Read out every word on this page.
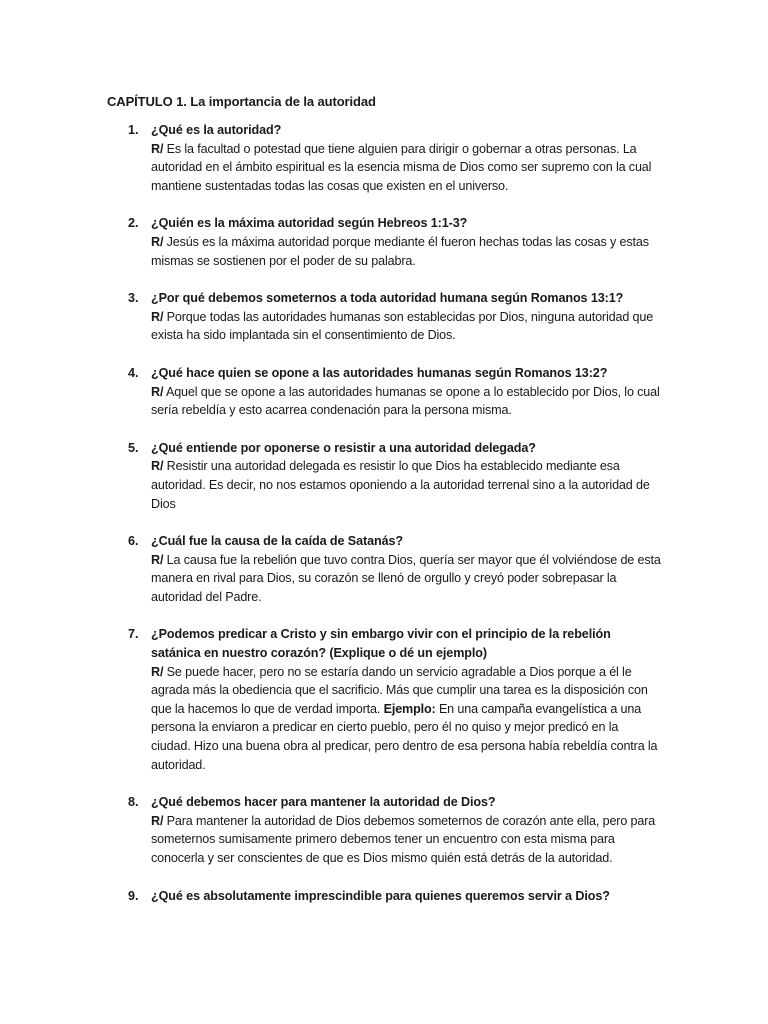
CAPÍTULO 1. La importancia de la autoridad
1. ¿Qué es la autoridad?
R/ Es la facultad o potestad que tiene alguien para dirigir o gobernar a otras personas. La autoridad en el ámbito espiritual es la esencia misma de Dios como ser supremo con la cual mantiene sustentadas todas las cosas que existen en el universo.
2. ¿Quién es la máxima autoridad según Hebreos 1:1-3?
R/ Jesús es la máxima autoridad porque mediante él fueron hechas todas las cosas y estas mismas se sostienen por el poder de su palabra.
3. ¿Por qué debemos someternos a toda autoridad humana según Romanos 13:1?
R/ Porque todas las autoridades humanas son establecidas por Dios, ninguna autoridad que exista ha sido implantada sin el consentimiento de Dios.
4. ¿Qué hace quien se opone a las autoridades humanas según Romanos 13:2?
R/ Aquel que se opone a las autoridades humanas se opone a lo establecido por Dios, lo cual sería rebeldía y esto acarrea condenación para la persona misma.
5. ¿Qué entiende por oponerse o resistir a una autoridad delegada?
R/ Resistir una autoridad delegada es resistir lo que Dios ha establecido mediante esa autoridad. Es decir, no nos estamos oponiendo a la autoridad terrenal sino a la autoridad de Dios
6. ¿Cuál fue la causa de la caída de Satanás?
R/ La causa fue la rebelión que tuvo contra Dios, quería ser mayor que él volviéndose de esta manera en rival para Dios, su corazón se llenó de orgullo y creyó poder sobrepasar la autoridad del Padre.
7. ¿Podemos predicar a Cristo y sin embargo vivir con el principio de la rebelión satánica en nuestro corazón? (Explique o dé un ejemplo)
R/ Se puede hacer, pero no se estaría dando un servicio agradable a Dios porque a él le agrada más la obediencia que el sacrificio. Más que cumplir una tarea es la disposición con que la hacemos lo que de verdad importa. Ejemplo: En una campaña evangelística a una persona la enviaron a predicar en cierto pueblo, pero él no quiso y mejor predicó en la ciudad. Hizo una buena obra al predicar, pero dentro de esa persona había rebeldía contra la autoridad.
8. ¿Qué debemos hacer para mantener la autoridad de Dios?
R/ Para mantener la autoridad de Dios debemos someternos de corazón ante ella, pero para someternos sumisamente primero debemos tener un encuentro con esta misma para conocerla y ser conscientes de que es Dios mismo quién está detrás de la autoridad.
9. ¿Qué es absolutamente imprescindible para quienes queremos servir a Dios?
